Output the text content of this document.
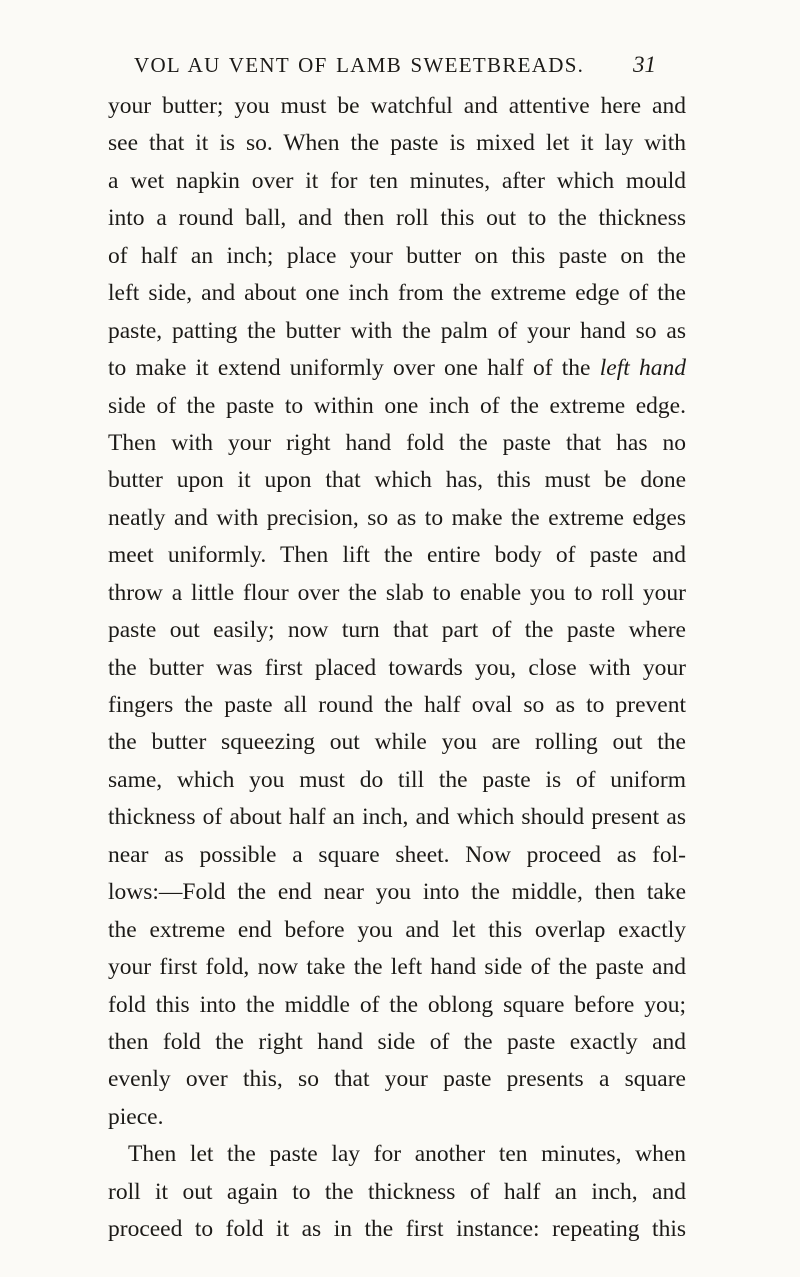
VOL AU VENT OF LAMB SWEETBREADS. 31
your butter; you must be watchful and attentive here and
see that it is so. When the paste is mixed let it lay with
a wet napkin over it for ten minutes, after which mould
into a round ball, and then roll this out to the thickness
of half an inch; place your butter on this paste on the
left side, and about one inch from the extreme edge of the
paste, patting the butter with the palm of your hand so as
to make it extend uniformly over one half of the left hand
side of the paste to within one inch of the extreme edge.
Then with your right hand fold the paste that has no
butter upon it upon that which has, this must be done
neatly and with precision, so as to make the extreme edges
meet uniformly. Then lift the entire body of paste and
throw a little flour over the slab to enable you to roll your
paste out easily; now turn that part of the paste where
the butter was first placed towards you, close with your
fingers the paste all round the half oval so as to prevent
the butter squeezing out while you are rolling out the
same, which you must do till the paste is of uniform
thickness of about half an inch, and which should present as
near as possible a square sheet. Now proceed as fol-
lows:—Fold the end near you into the middle, then take
the extreme end before you and let this overlap exactly
your first fold, now take the left hand side of the paste and
fold this into the middle of the oblong square before you;
then fold the right hand side of the paste exactly and
evenly over this, so that your paste presents a square
piece.
Then let the paste lay for another ten minutes, when
roll it out again to the thickness of half an inch, and
proceed to fold it as in the first instance: repeating this
